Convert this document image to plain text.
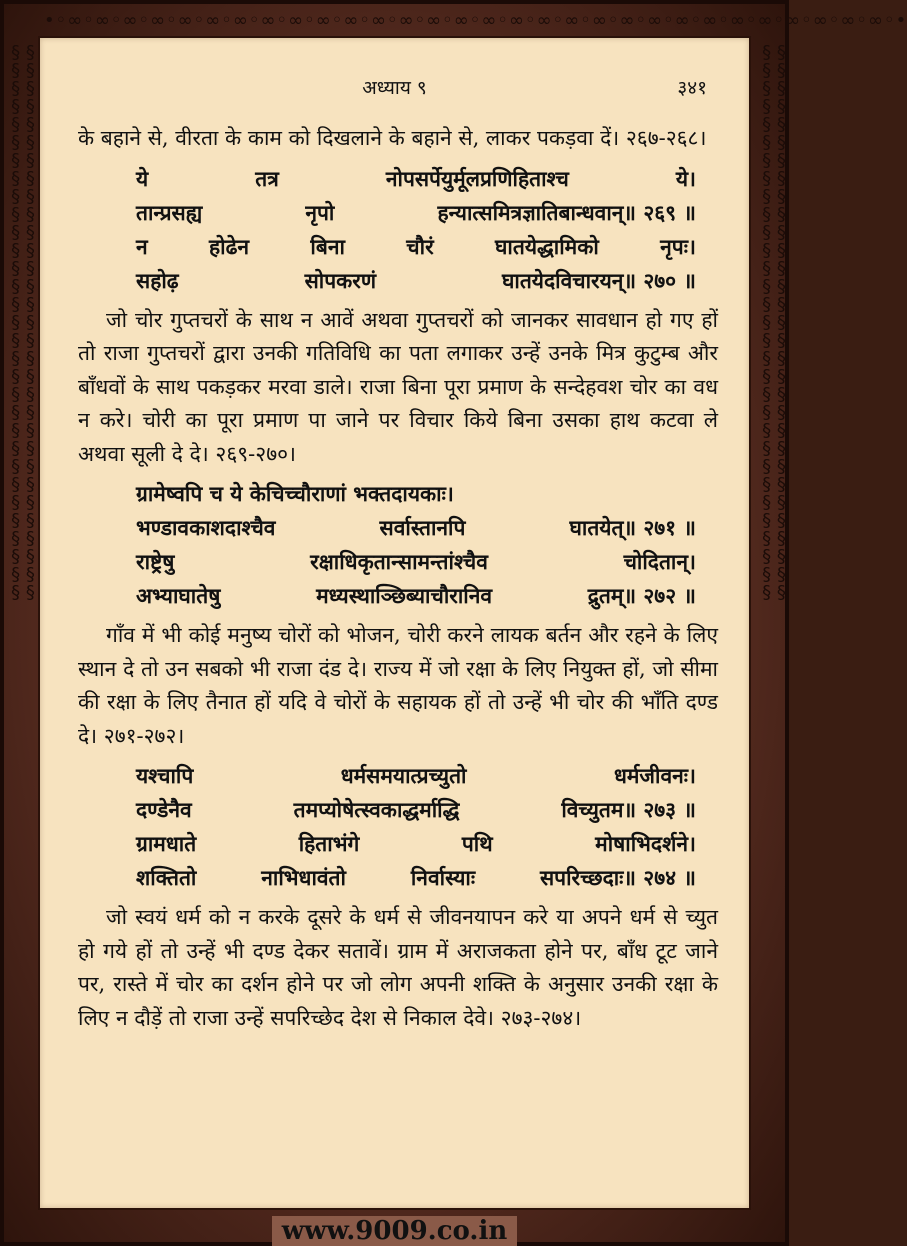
•◦∞◦∞◦∞◦∞◦∞◦∞◦∞◦∞◦∞◦∞◦∞◦∞◦∞◦∞◦∞◦∞◦∞◦∞◦∞◦∞◦∞◦∞◦∞◦∞◦∞◦∞◦∞◦∞◦∞◦∞◦•
§ § § § § § § § § § § § § § § § § § § § § § § § § § § § § § § § § § § § § § § § § § § § § § § § § § § § § § § § § § § § § §
§ § § § § § § § § § § § § § § § § § § § § § § § § § § § § § § § § § § § § § § § § § § § § § § § § § § § § § § § § § § § § §
अध्याय ९	३४१

के बहाने से, वीरता के काम को दिखलाने के बहाने से, लाकर पकड़वा दें। २६७-२६८।

ये	तत्र	नोपसर्पेयुर्मूलप्रणिहिताश्च	ये।
तान्प्रसह्य	नृपो	हन्यात्समित्रज्ञातिबान्धवान्॥ २६९ ॥
न	होढेन	बिना	चौरं	घातयेद्धामिको	नृपः।
सहोढ़	सोपकरणं	घातयेदविचारयन्॥ २७० ॥

जो चोर गुप्तचरों के साथ न आवें अथवा गुप्तचरों को जानकर सावधान हो गए हों तो राजा गुप्तचरों द्वारा उनकी गतिविधि का पता लगाकर उन्हें उनके मित्र कुटुम्ब और बाँधवों के साथ पकड़कर मरवा डाले। राजा बिना पूरा प्रमाण के सन्देहवश चोर का वध न करे। चोरी का पूरा प्रमाण पा जाने पर विचार किये बिना उसका हाथ कटवा ले अथवा सूली दे दे। २६९-२७०।

ग्रामेष्वपि च ये केचिच्चौराणां भक्तदायकाः।
भण्डावकाशदाश्चैव	सर्वास्तानपि	घातयेत्॥ २७१ ॥
राष्ट्रेषु	रक्षाधिकृतान्सामन्तांश्चैव	चोदितान्।
अभ्याघातेषु	मध्यस्थाञ्छिब्याचौरानिव	द्रुतम्॥ २७२ ॥

गाँव में भी कोई मनुष्य चोरों को भोजन, चोरी करने लायक बर्तन और रहने के लिए स्थान दे तो उन सबको भी राजा दंड दे। राज्य में जो रक्षा के लिए नियुक्त हों, जो सीमा की रक्षा के लिए तैनात हों यदि वे चोरों के सहायक हों तो उन्हें भी चोर की भाँति दण्ड दे। २७१-२७२।

यश्चापि	धर्मसमयात्प्रच्युतो	धर्मजीवनः।
दण्डेनैव	तमप्योषेत्स्वकाद्धर्माद्धि	विच्युतम॥ २७३ ॥
ग्रामधाते	हिताभंगे	पथि	मोषाभिदर्शने।
शक्तितो	नाभिधावंतो	निर्वास्याः	सपरिच्छदाः॥ २७४ ॥

जो स्वयं धर्म को न करके दूसरे के धर्म से जीवनयापन करे या अपने धर्म से च्युत हो गये हों तो उन्हें भी दण्ड देकर सतावें। ग्राम में अराजकता होने पर, बाँध टूट जाने पर, रास्ते में चोर का दर्शन होने पर जो लोग अपनी शक्ति के अनुसार उनकी रक्षा के लिए न दौड़ें तो राजा उन्हें सपरिच्छेद देश से निकाल देवे। २७३-२७४।

www.9009.co.in
